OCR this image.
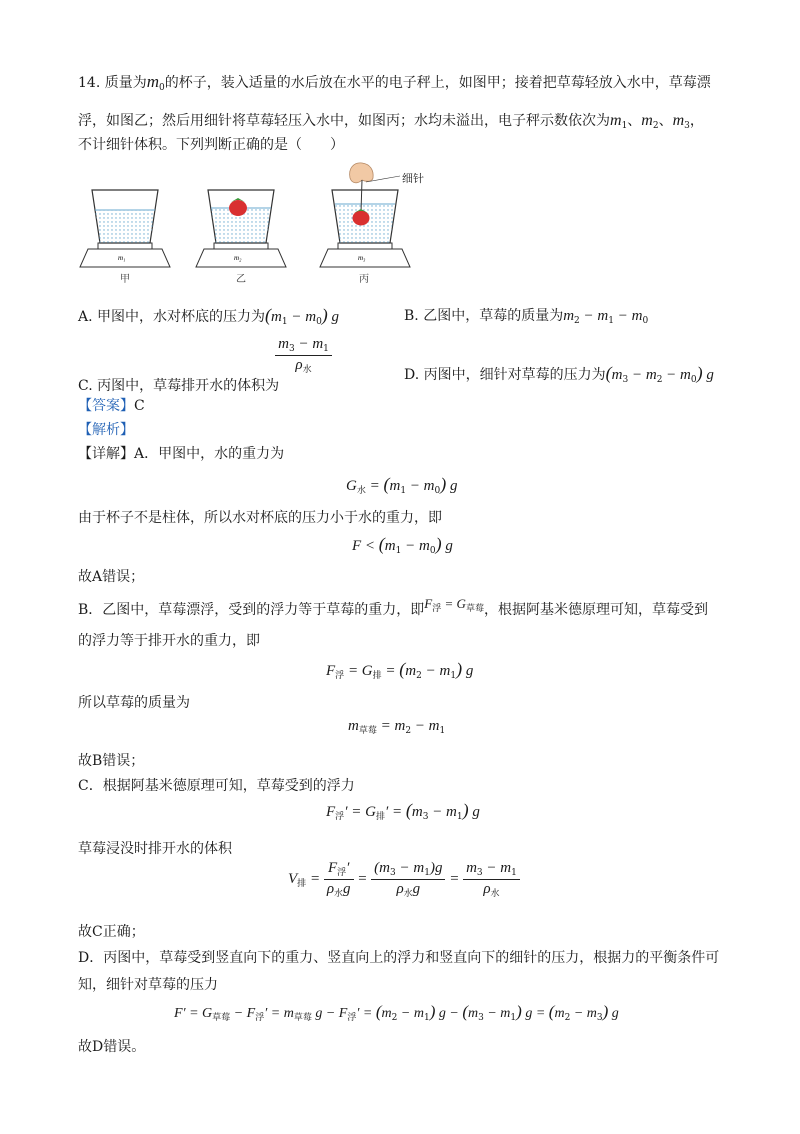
14. 质量为$m_0$的杯子，装入适量的水后放在水平的电子秤上，如图甲；接着把草莓轻放入水中，草莓漂
浮，如图乙；然后用细针将草莓轻压入水中，如图丙；水均未溢出，电子秤示数依次为$m_1$、$m_2$、$m_3$，
不计细针体积。下列判断正确的是（　　）
m₁
甲
m₂
乙
m₃
丙
细针
A. 甲图中，水对杯底的压力为$(m_1 - m_0)$ g	B. 乙图中，草莓的质量为$m_2 - m_1 - m_0$
C. 丙图中，草莓排开水的体积为
$\frac{m_3 - m_1}{\rho_水}$	D. 丙图中，细针对草莓的压力为$(m_3 - m_2 - m_0)$ g
【答案】C
【解析】
【详解】A．甲图中，水的重力为
$G_水 = (m_1 - m_0)$ g
由于杯子不是柱体，所以水对杯底的压力小于水的重力，即
$F < (m_1 - m_0)$ g
故A错误；
B．乙图中，草莓漂浮，受到的浮力等于草莓的重力，即$F_浮 = G_{草莓}$，根据阿基米德原理可知，草莓受到
的浮力等于排开水的重力，即
$F_浮 = G_排 = (m_2 - m_1)$ g
所以草莓的质量为
$m_{草莓} = m_2 - m_1$
故B错误；
C．根据阿基米德原理可知，草莓受到的浮力
$F_浮' = G_排' = (m_3 - m_1)$ g
草莓浸没时排开水的体积
$V_排 = \frac{F_浮'}{\rho_水g} = \frac{(m_3 - m_1)g}{\rho_水g} = \frac{m_3 - m_1}{\rho_水}$
故C正确；
D．丙图中，草莓受到竖直向下的重力、竖直向上的浮力和竖直向下的细针的压力，根据力的平衡条件可
知，细针对草莓的压力
$F' = G_{草莓} - F_浮' = m_{草莓}$ $g - F_浮' = (m_2 - m_1) g - (m_3 - m_1) g = (m_2 - m_3)$ g
故D错误。
